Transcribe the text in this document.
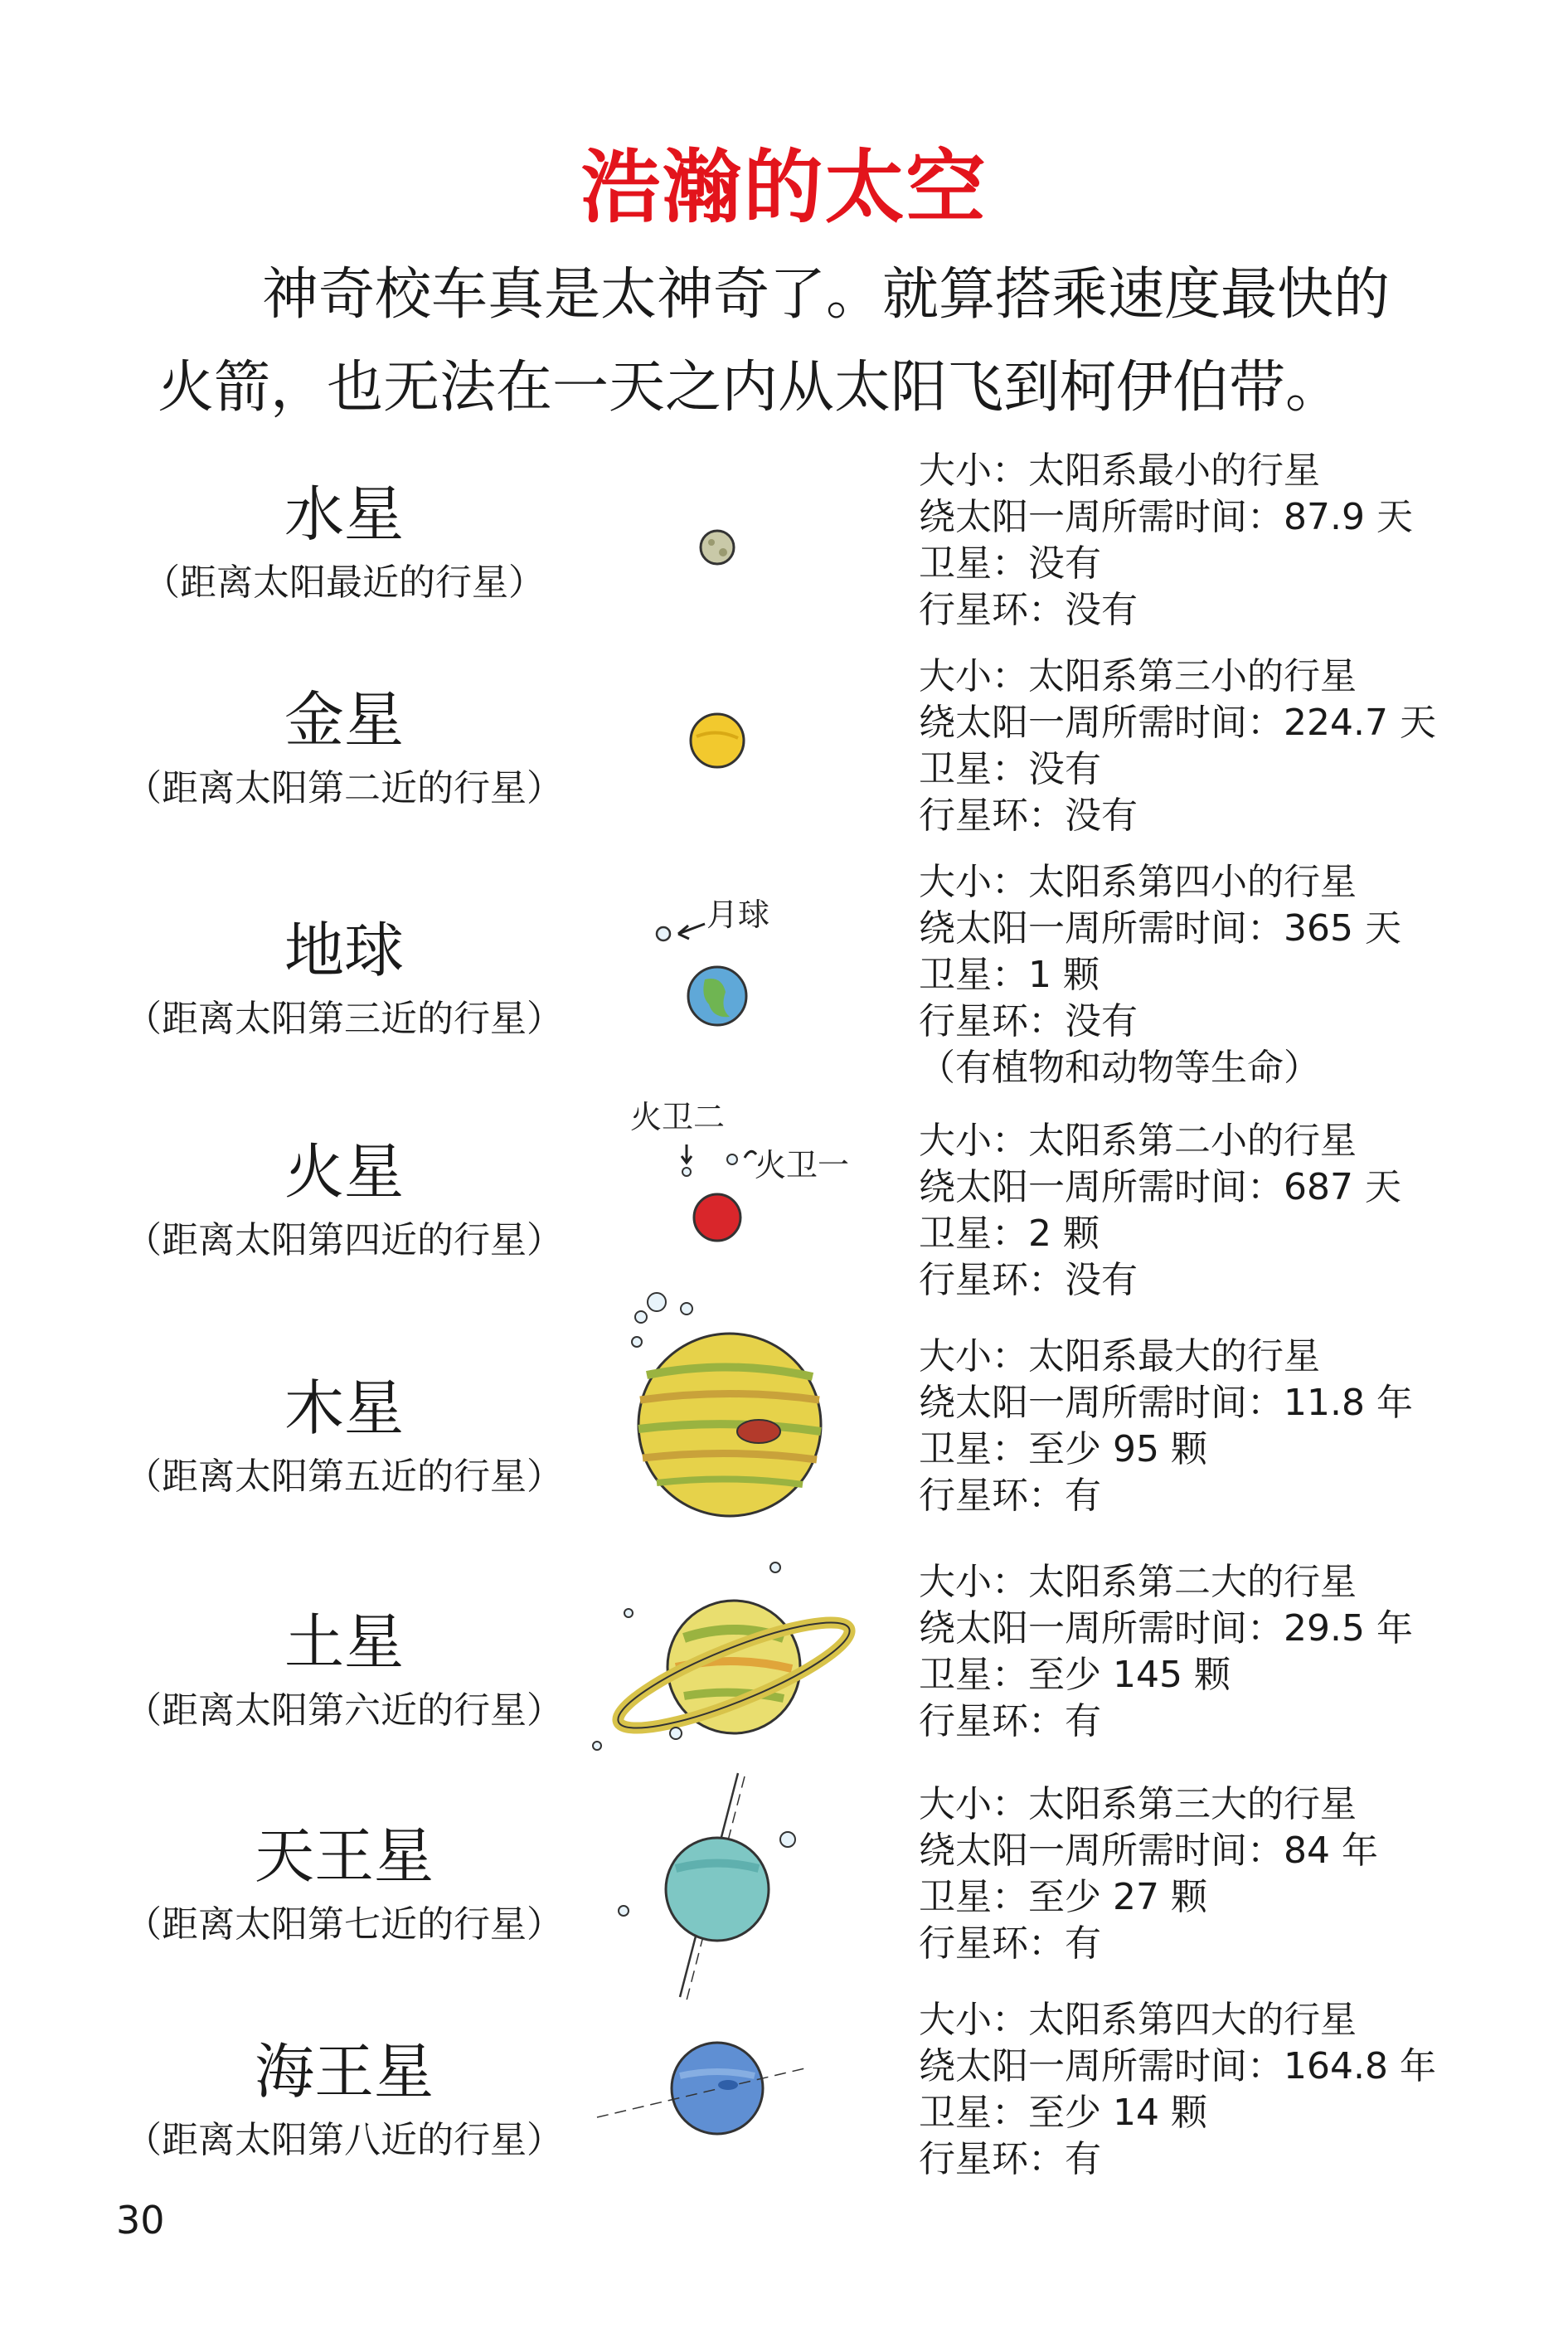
浩瀚的太空

神奇校车真是太神奇了。就算搭乘速度最快的

火箭，也无法在一天之内从太阳飞到柯伊伯带。

水星
（距离太阳最近的行星）
大小：太阳系最小的行星
绕太阳一周所需时间：87.9 天
卫星：没有
行星环：没有
金星
（距离太阳第二近的行星）
大小：太阳系第三小的行星
绕太阳一周所需时间：224.7 天
卫星：没有
行星环：没有
地球
（距离太阳第三近的行星）
月球
大小：太阳系第四小的行星
绕太阳一周所需时间：365 天
卫星：1 颗
行星环：没有
（有植物和动物等生命）
火星
（距离太阳第四近的行星）
火卫二
火卫一
大小：太阳系第二小的行星
绕太阳一周所需时间：687 天
卫星：2 颗
行星环：没有
木星
（距离太阳第五近的行星）
大小：太阳系最大的行星
绕太阳一周所需时间：11.8 年
卫星：至少 95 颗
行星环：有
土星
（距离太阳第六近的行星）
大小：太阳系第二大的行星
绕太阳一周所需时间：29.5 年
卫星：至少 145 颗
行星环：有
天王星
（距离太阳第七近的行星）
大小：太阳系第三大的行星
绕太阳一周所需时间：84 年
卫星：至少 27 颗
行星环：有
海王星
（距离太阳第八近的行星）
大小：太阳系第四大的行星
绕太阳一周所需时间：164.8 年
卫星：至少 14 颗
行星环：有
30
